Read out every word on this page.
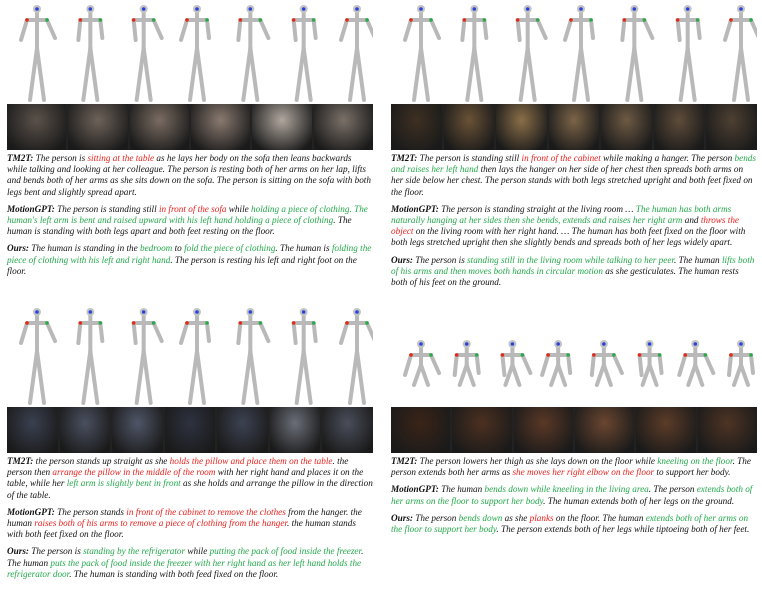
TM2T: The person is sitting at the table as he lays her body on the sofa then leans backwards while talking and looking at her colleague. The person is resting both of her arms on her lap, lifts and bends both of her arms as she sits down on the sofa. The person is sitting on the sofa with both legs bent and slightly spread apart.

MotionGPT: The person is standing still in front of the sofa while holding a piece of clothing. The human's left arm is bent and raised upward with his left hand holding a piece of clothing. The human is standing with both legs apart and both feet resting on the floor.

Ours: The human is standing in the bedroom to fold the piece of clothing. The human is folding the piece of clothing with his left and right hand. The person is resting his left and right foot on the floor.

TM2T: The person is standing still in front of the cabinet while making a hanger. The person bends and raises her left hand then lays the hanger on her side of her chest then spreads both arms on her side below her chest. The person stands with both legs stretched upright and both feet fixed on the floor.

MotionGPT: The person is standing straight at the living room … The human has both arms naturally hanging at her sides then she bends, extends and raises her right arm and throws the object on the living room with her right hand. … The human has both feet fixed on the floor with both legs stretched upright then she slightly bends and spreads both of her legs widely apart.

Ours: The person is standing still in the living room while talking to her peer. The human lifts both of his arms and then moves both hands in circular motion as she gesticulates. The human rests both of his feet on the ground.

TM2T: the person stands up straight as she holds the pillow and place them on the table. the person then arrange the pillow in the middle of the room with her right hand and places it on the table, while her left arm is slightly bent in front as she holds and arrange the pillow in the direction of the table.

MotionGPT: The person stands in front of the cabinet to remove the clothes from the hanger. the human raises both of his arms to remove a piece of clothing from the hanger. the human stands with both feet fixed on the floor.

Ours: The person is standing by the refrigerator while putting the pack of food inside the freezer. The human puts the pack of food inside the freezer with her right hand as her left hand holds the refrigerator door. The human is standing with both feed fixed on the floor.

TM2T: The person lowers her thigh as she lays down on the floor while kneeling on the floor. The person extends both her arms as she moves her right elbow on the floor to support her body.

MotionGPT: The human bends down while kneeling in the living area. The person extends both of her arms on the floor to support her body. The human extends both of her legs on the ground.

Ours: The person bends down as she planks on the floor. The human extends both of her arms on the floor to support her body. The person extends both of her legs while tiptoeing both of her feet.
